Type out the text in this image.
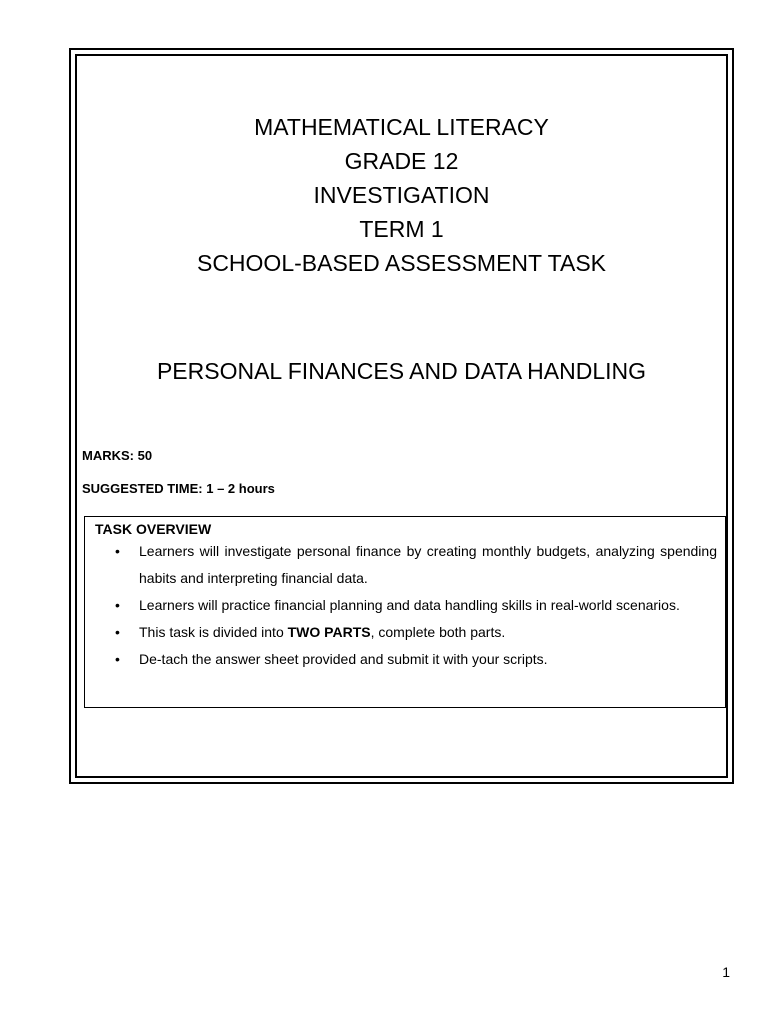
MATHEMATICAL LITERACY
GRADE 12
INVESTIGATION
TERM 1
SCHOOL-BASED ASSESSMENT TASK
PERSONAL FINANCES AND DATA HANDLING
MARKS: 50
SUGGESTED TIME: 1 – 2 hours
TASK OVERVIEW
• Learners will investigate personal finance by creating monthly budgets, analyzing spending habits and interpreting financial data.
• Learners will practice financial planning and data handling skills in real-world scenarios.
• This task is divided into TWO PARTS, complete both parts.
• De-tach the answer sheet provided and submit it with your scripts.
1
